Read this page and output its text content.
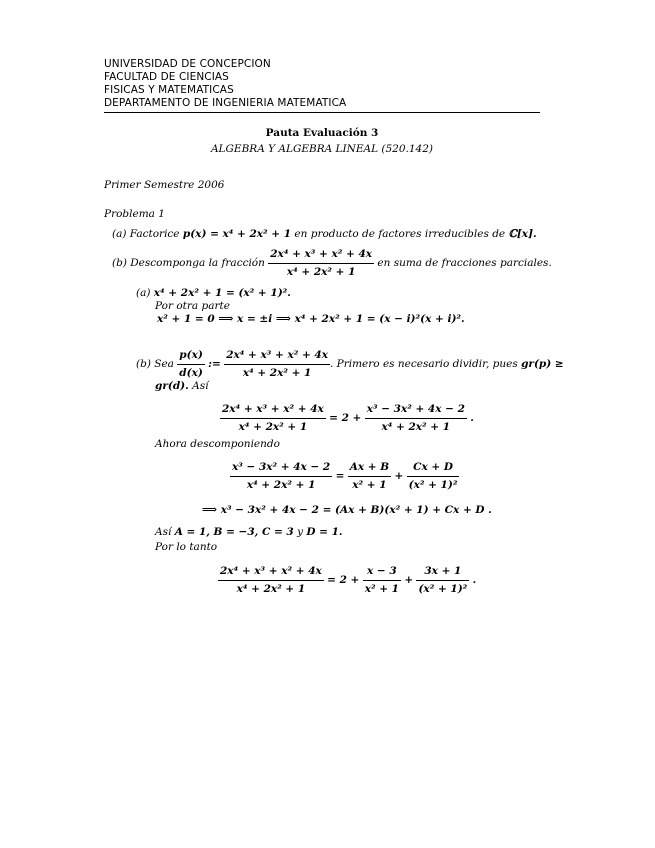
UNIVERSIDAD DE CONCEPCION
FACULTAD DE CIENCIAS
FISICAS Y MATEMATICAS
DEPARTAMENTO DE INGENIERIA MATEMATICA
Pauta Evaluación 3
ALGEBRA Y ALGEBRA LINEAL (520.142)
Primer Semestre 2006
Problema 1
(a)
Factorice
p(x) = x⁴ + 2x² + 1
en producto de factores irreducibles de
ℂ[x].
(b)
Descomponga la fracción
$\frac{\text{2x⁴ + x³ + x² + 4x}}{\text{x⁴ + 2x² + 1}}$
en suma de fracciones parciales.
(a)
x⁴ + 2x² + 1 = (x² + 1)².
Por otra parte
x² + 1 = 0 ⟹ x = ±i ⟹ x⁴ + 2x² + 1 = (x − i)²(x + i)².
(b)
Sea
$\frac{p(x)}{d(x)}$
:=
$\frac{\text{2x⁴ + x³ + x² + 4x}}{\text{x⁴ + 2x² + 1}}$ . Primero es necesario dividir, pues
gr(p) ≥
gr(d).
Así
$\frac{\text{2x⁴ + x³ + x² + 4x}}{\text{x⁴ + 2x² + 1}}$
= 2 +
$\frac{\text{x³ − 3x² + 4x − 2}}{\text{x⁴ + 2x² + 1}}$
.
Ahora descomponiendo
$\frac{\text{x³ − 3x² + 4x − 2}}{\text{x⁴ + 2x² + 1}}$
=
$\frac{Ax + B}{\text{x² + 1}}$
+
$\frac{Cx + D}{\text{(x² + 1)²}}$
⟹ x³ − 3x² + 4x − 2 = (Ax + B)(x² + 1) + Cx + D .
Así
A = 1, B = −3, C = 3
y
D = 1.
Por lo tanto
$\frac{\text{2x⁴ + x³ + x² + 4x}}{\text{x⁴ + 2x² + 1}}$
= 2 +
$\frac{x - 3}{\text{x² + 1}}$
+
$\frac{3x + 1}{\text{(x² + 1)²}}$
.
